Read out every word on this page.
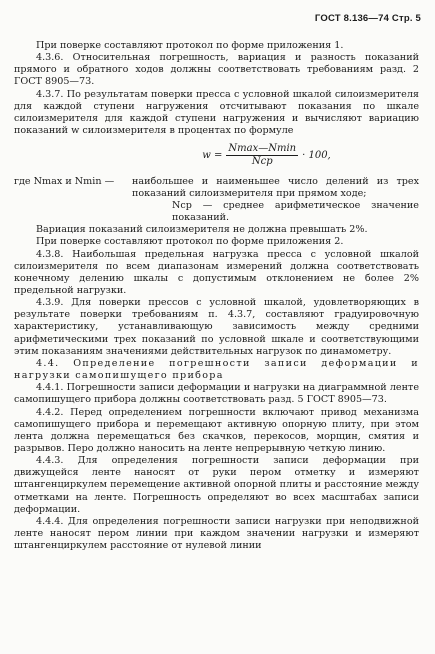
ГОСТ 8.136—74 Стр. 5

При поверке составляют протокол по форме приложения 1.

4.3.6. Относительная погрешность, вариация и разность показаний прямого и обратного ходов должны соответствовать требованиям разд. 2 ГОСТ 8905—73.

4.3.7. По результатам поверки пресса с условной шкалой силоизмерителя для каждой ступени нагружения отсчитывают показания по шкале силоизмерителя для каждой ступени нагружения и вычисляют вариацию показаний w силоизмерителя в процентах по формуле

$w = \frac{Nmax—Nmin}{\text{Nср}} \cdot 100$,
где Nmax и Nmin —	наибольшее и наименьшее число делений из трех показаний силоизмерителя при прямом ходе;
Nср — среднее арифметическое значение показаний.

Вариация показаний силоизмерителя не должна превышать 2%.

При поверке составляют протокол по форме приложения 2.

4.3.8. Наибольшая предельная нагрузка пресса с условной шкалой силоизмерителя по всем диапазонам измерений должна соответствовать конечному делению шкалы с допустимым отклонением не более 2% предельной нагрузки.

4.3.9. Для поверки прессов с условной шкалой, удовлетворяющих в результате поверки требованиям п. 4.3.7, составляют градуировочную характеристику, устанавливающую зависимость между средними арифметическими трех показаний по условной шкале и соответствующими этим показаниям значениями действительных нагрузок по динамометру.

4.4. Определение погрешности записи деформации и нагрузки самопишущего прибора

4.4.1. Погрешности записи деформации и нагрузки на диаграммной ленте самопишущего прибора должны соответствовать разд. 5 ГОСТ 8905—73.

4.4.2. Перед определением погрешности включают привод механизма самопишущего прибора и перемещают активную опорную плиту, при этом лента должна перемещаться без скачков, перекосов, морщин, смятия и разрывов. Перо должно наносить на ленте непрерывную четкую линию.

4.4.3. Для определения погрешности записи деформации при движущейся ленте наносят от руки пером отметку и измеряют штангенциркулем перемещение активной опорной плиты и расстояние между отметками на ленте. Погрешность определяют во всех масштабах записи деформации.

4.4.4. Для определения погрешности записи нагрузки при неподвижной ленте наносят пером линии при каждом значении нагрузки и измеряют штангенциркулем расстояние от нулевой линии
